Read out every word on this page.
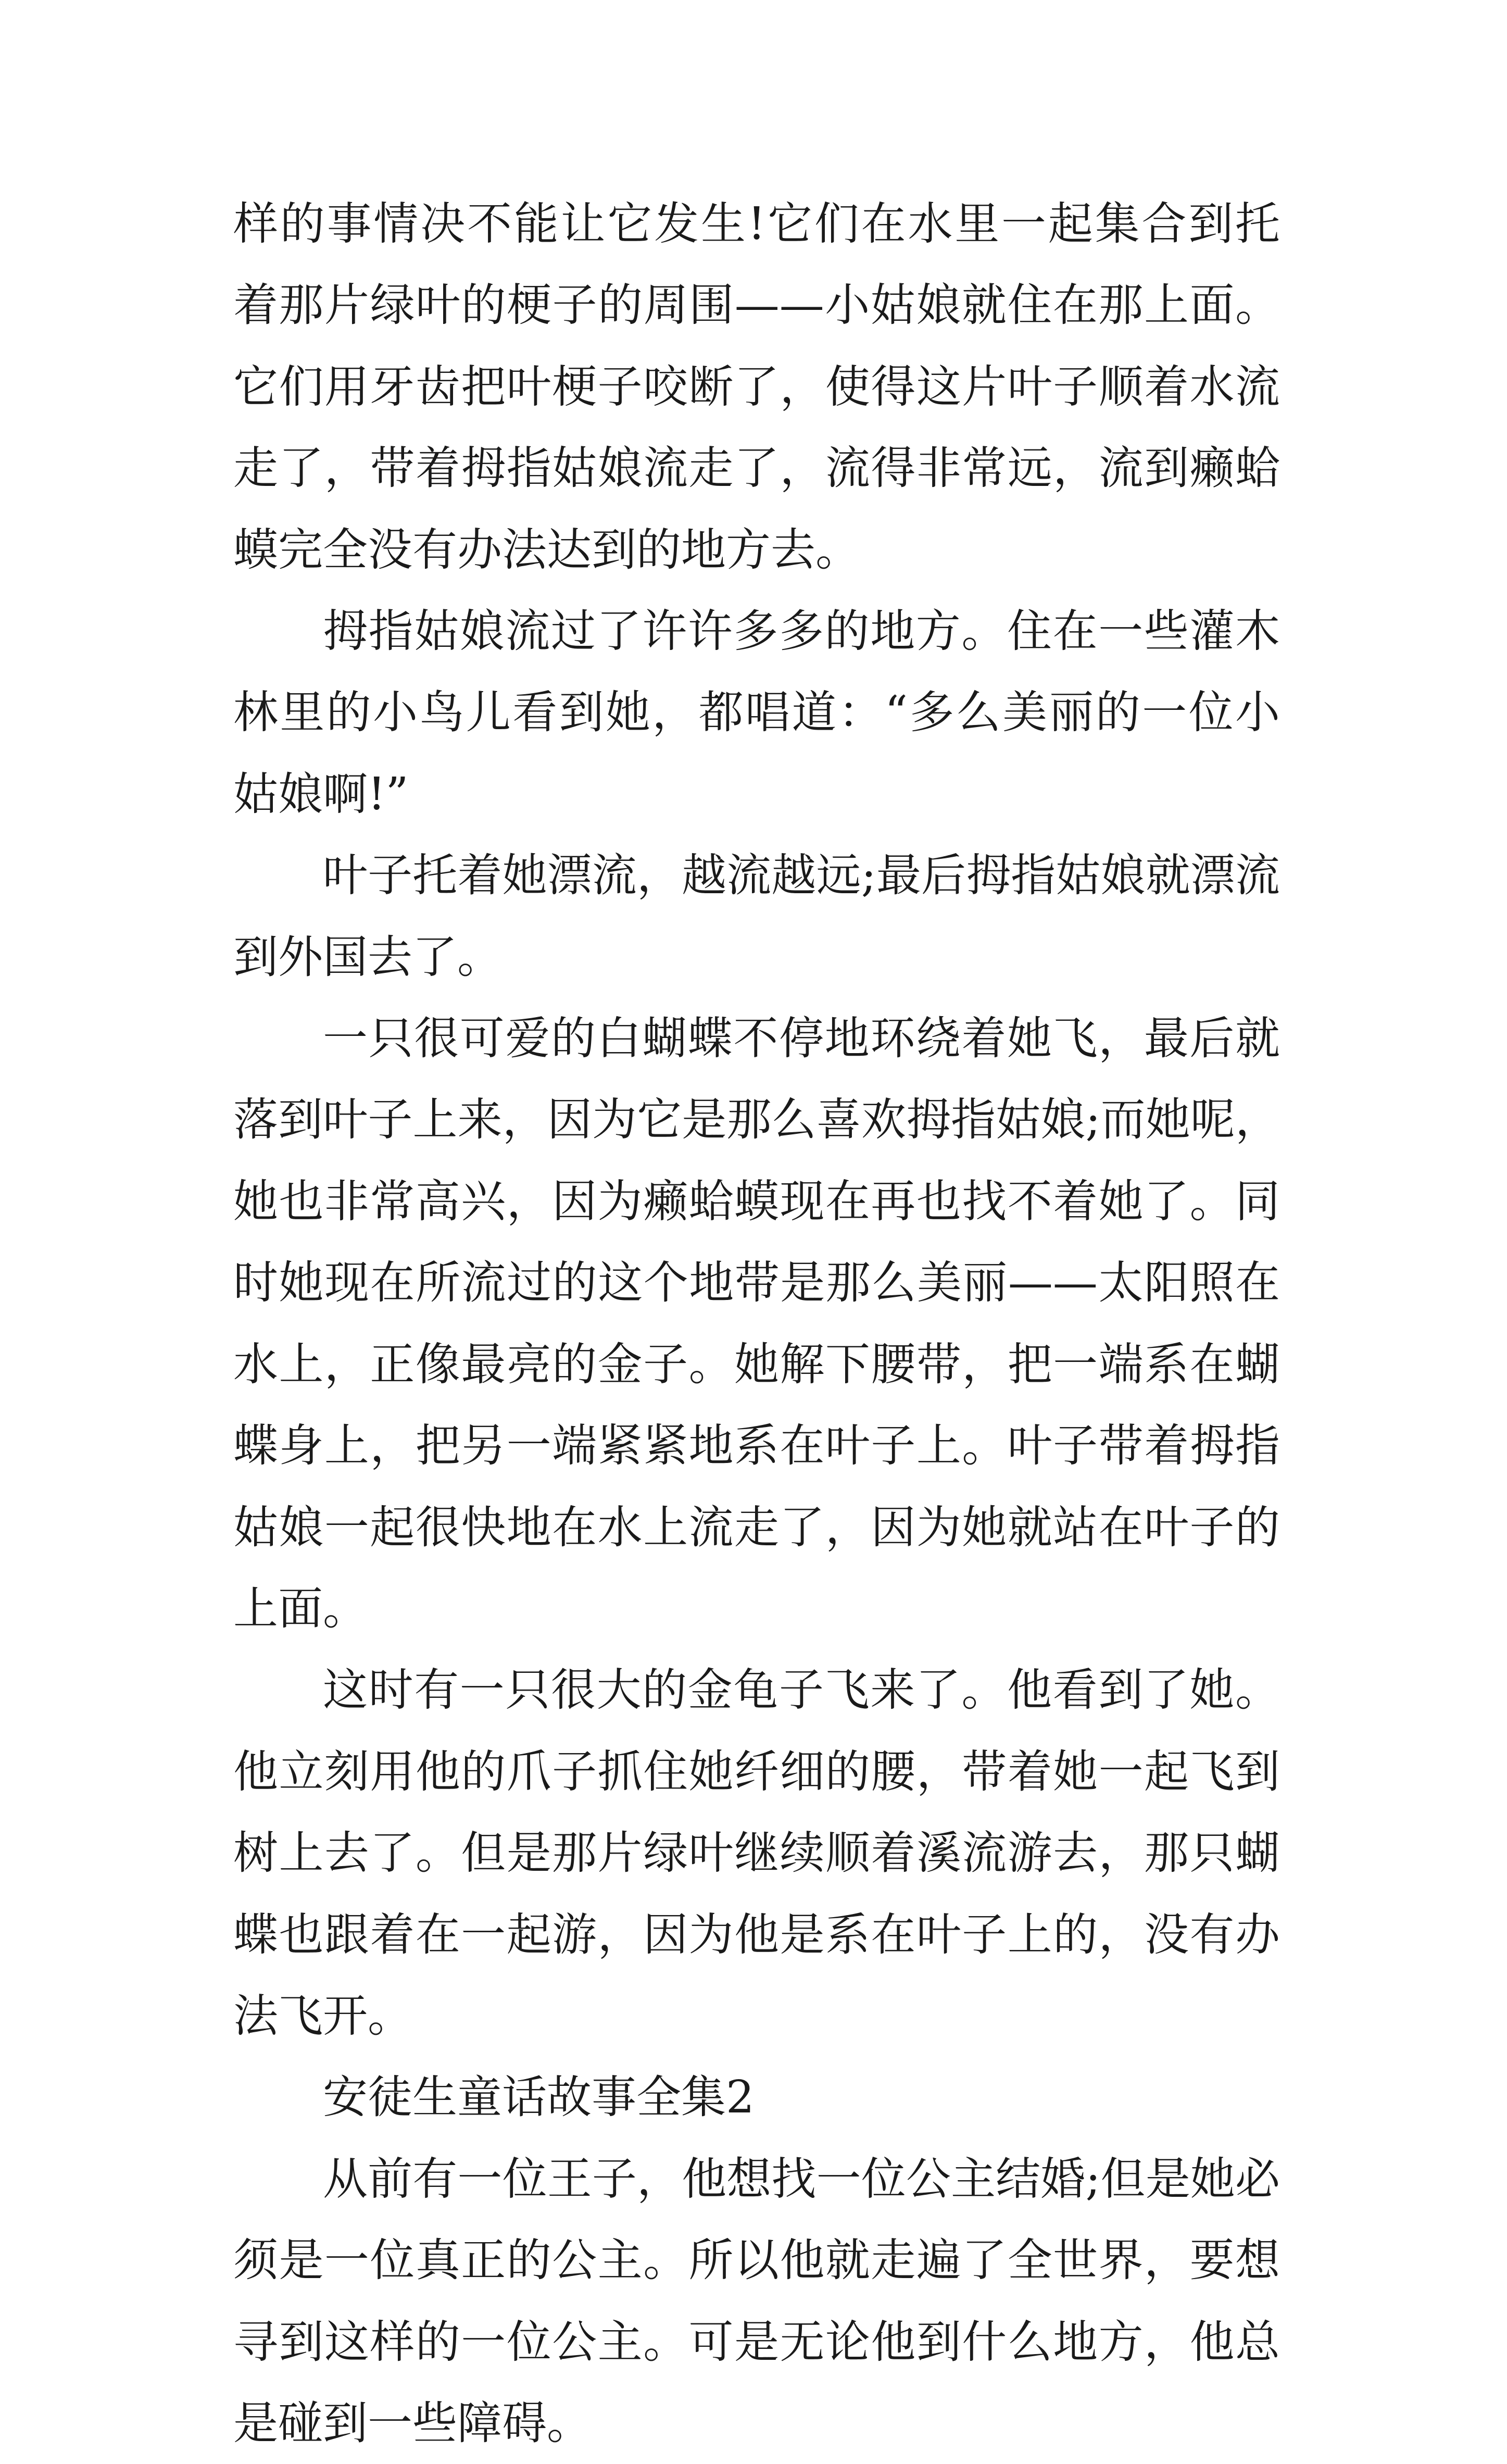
样的事情决不能让它发生!它们在水里一起集合到托着那片绿叶的梗子的周围——小姑娘就住在那上面。它们用牙齿把叶梗子咬断了，使得这片叶子顺着水流走了，带着拇指姑娘流走了，流得非常远，流到癞蛤蟆完全没有办法达到的地方去。

拇指姑娘流过了许许多多的地方。住在一些灌木林里的小鸟儿看到她，都唱道：“多么美丽的一位小姑娘啊!”

叶子托着她漂流，越流越远;最后拇指姑娘就漂流到外国去了。

一只很可爱的白蝴蝶不停地环绕着她飞，最后就落到叶子上来，因为它是那么喜欢拇指姑娘;而她呢，她也非常高兴，因为癞蛤蟆现在再也找不着她了。同时她现在所流过的这个地带是那么美丽——太阳照在水上，正像最亮的金子。她解下腰带，把一端系在蝴蝶身上，把另一端紧紧地系在叶子上。叶子带着拇指姑娘一起很快地在水上流走了，因为她就站在叶子的上面。

这时有一只很大的金龟子飞来了。他看到了她。他立刻用他的爪子抓住她纤细的腰，带着她一起飞到树上去了。但是那片绿叶继续顺着溪流游去，那只蝴蝶也跟着在一起游，因为他是系在叶子上的，没有办法飞开。

安徒生童话故事全集2

从前有一位王子，他想找一位公主结婚;但是她必须是一位真正的公主。所以他就走遍了全世界，要想寻到这样的一位公主。可是无论他到什么地方，他总是碰到一些障碍。
